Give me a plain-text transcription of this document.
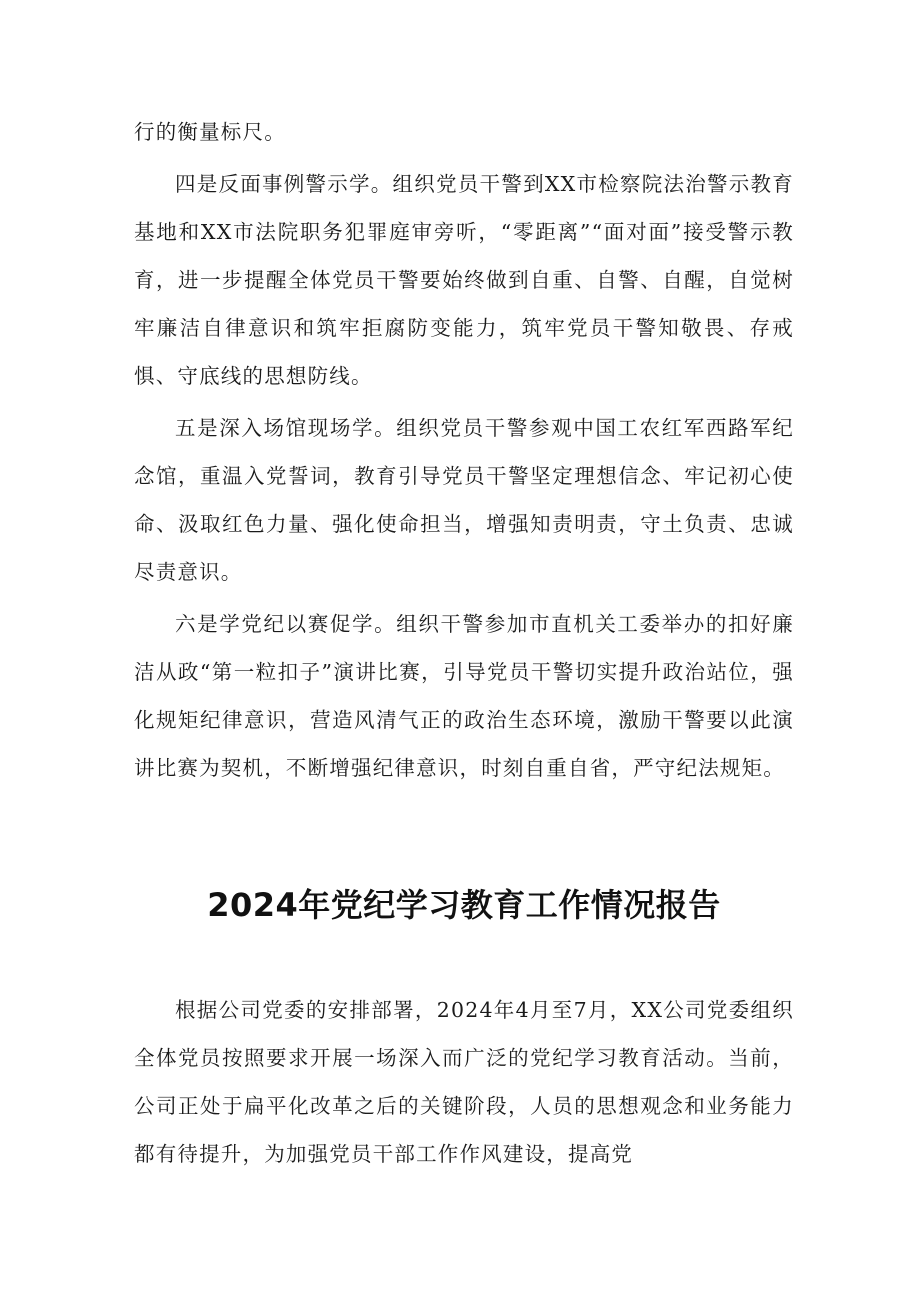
行的衡量标尺。

四是反面事例警示学。组织党员干警到XX市检察院法治警示教育基地和XX市法院职务犯罪庭审旁听，“零距离”“面对面”接受警示教育，进一步提醒全体党员干警要始终做到自重、自警、自醒，自觉树牢廉洁自律意识和筑牢拒腐防变能力，筑牢党员干警知敬畏、存戒惧、守底线的思想防线。

五是深入场馆现场学。组织党员干警参观中国工农红军西路军纪念馆，重温入党誓词，教育引导党员干警坚定理想信念、牢记初心使命、汲取红色力量、强化使命担当，增强知责明责，守土负责、忠诚尽责意识。

六是学党纪以赛促学。组织干警参加市直机关工委举办的扣好廉洁从政“第一粒扣子”演讲比赛，引导党员干警切实提升政治站位，强化规矩纪律意识，营造风清气正的政治生态环境，激励干警要以此演讲比赛为契机，不断增强纪律意识，时刻自重自省，严守纪法规矩。

2024年党纪学习教育工作情况报告

根据公司党委的安排部署，2024年4月至7月，XX公司党委组织全体党员按照要求开展一场深入而广泛的党纪学习教育活动。当前，公司正处于扁平化改革之后的关键阶段，人员的思想观念和业务能力都有待提升，为加强党员干部工作作风建设，提高党
